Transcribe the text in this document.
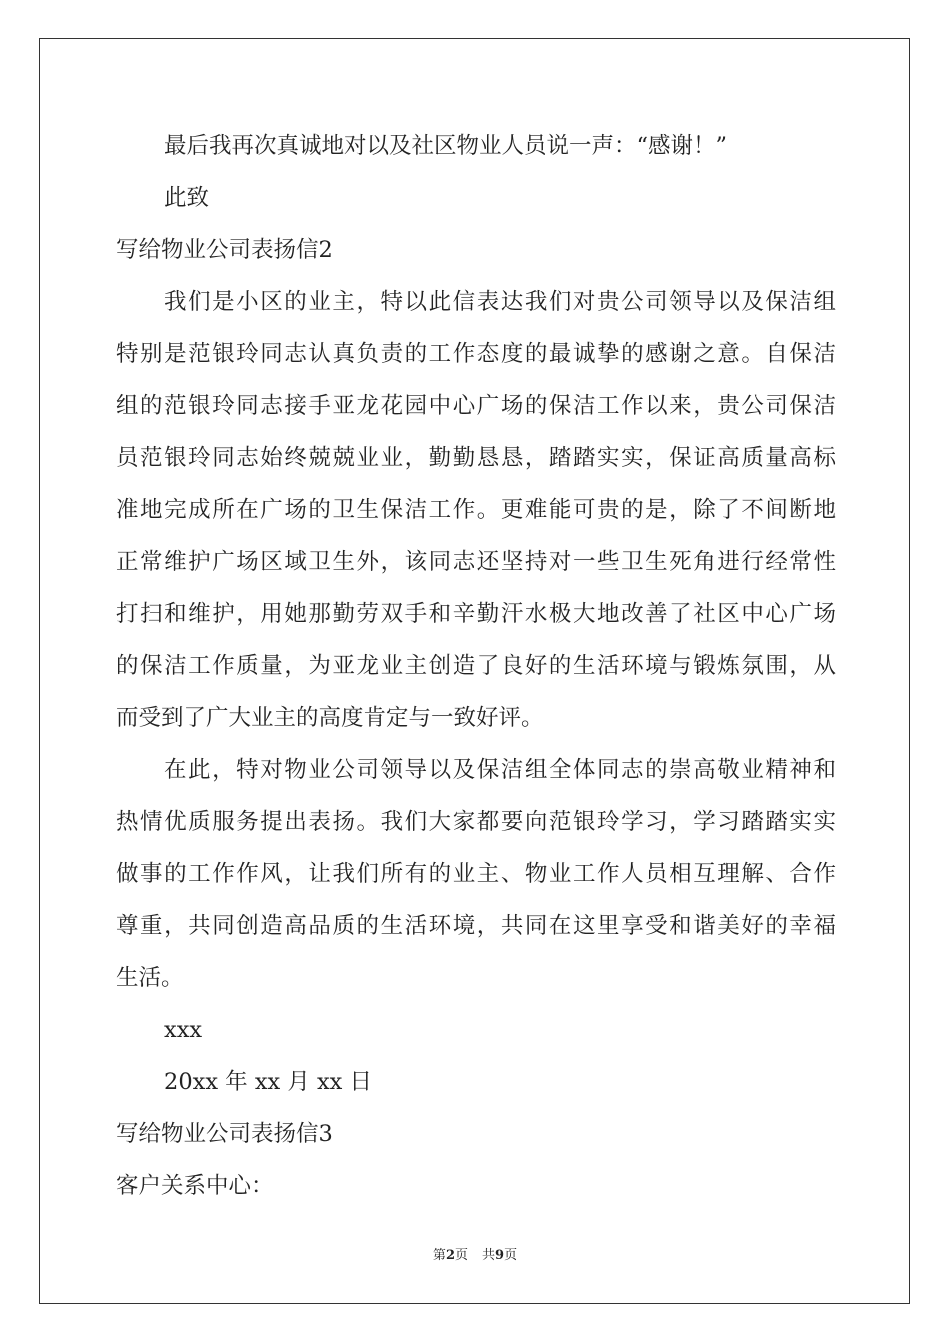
最后我再次真诚地对以及社区物业人员说一声：“感谢！”
此致
写给物业公司表扬信2
我们是小区的业主，特以此信表达我们对贵公司领导以及保洁组
特别是范银玲同志认真负责的工作态度的最诚挚的感谢之意。自保洁
组的范银玲同志接手亚龙花园中心广场的保洁工作以来，贵公司保洁
员范银玲同志始终兢兢业业，勤勤恳恳，踏踏实实，保证高质量高标
准地完成所在广场的卫生保洁工作。更难能可贵的是，除了不间断地
正常维护广场区域卫生外，该同志还坚持对一些卫生死角进行经常性
打扫和维护，用她那勤劳双手和辛勤汗水极大地改善了社区中心广场
的保洁工作质量，为亚龙业主创造了良好的生活环境与锻炼氛围，从
而受到了广大业主的高度肯定与一致好评。
在此，特对物业公司领导以及保洁组全体同志的崇高敬业精神和
热情优质服务提出表扬。我们大家都要向范银玲学习，学习踏踏实实
做事的工作作风，让我们所有的业主、物业工作人员相互理解、合作
尊重，共同创造高品质的生活环境，共同在这里享受和谐美好的幸福
生活。
xxx
20xx 年 xx 月 xx 日
写给物业公司表扬信3
客户关系中心：
第2页 共9页
